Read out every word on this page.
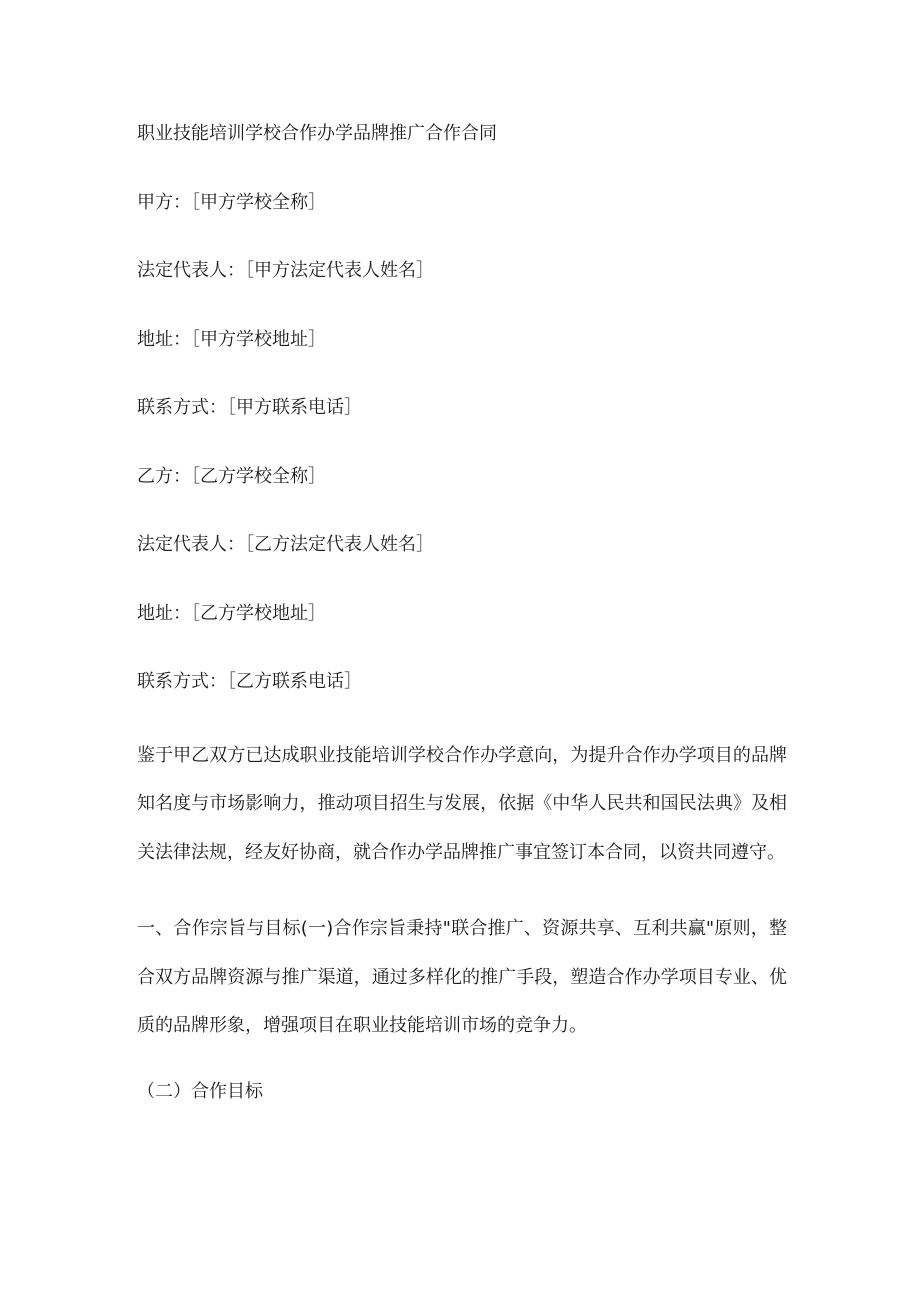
职业技能培训学校合作办学品牌推广合作合同
甲方：［甲方学校全称］
法定代表人：［甲方法定代表人姓名］
地址：［甲方学校地址］
联系方式：［甲方联系电话］
乙方：［乙方学校全称］
法定代表人：［乙方法定代表人姓名］
地址：［乙方学校地址］
联系方式：［乙方联系电话］
鉴于甲乙双方已达成职业技能培训学校合作办学意向，为提升合作办学项目的品牌知名度与市场影响力，推动项目招生与发展，依据《中华人民共和国民法典》及相关法律法规，经友好协商，就合作办学品牌推广事宜签订本合同，以资共同遵守。
一、合作宗旨与目标(一)合作宗旨秉持"联合推广、资源共享、互利共赢"原则，整合双方品牌资源与推广渠道，通过多样化的推广手段，塑造合作办学项目专业、优质的品牌形象，增强项目在职业技能培训市场的竞争力。
（二）合作目标
